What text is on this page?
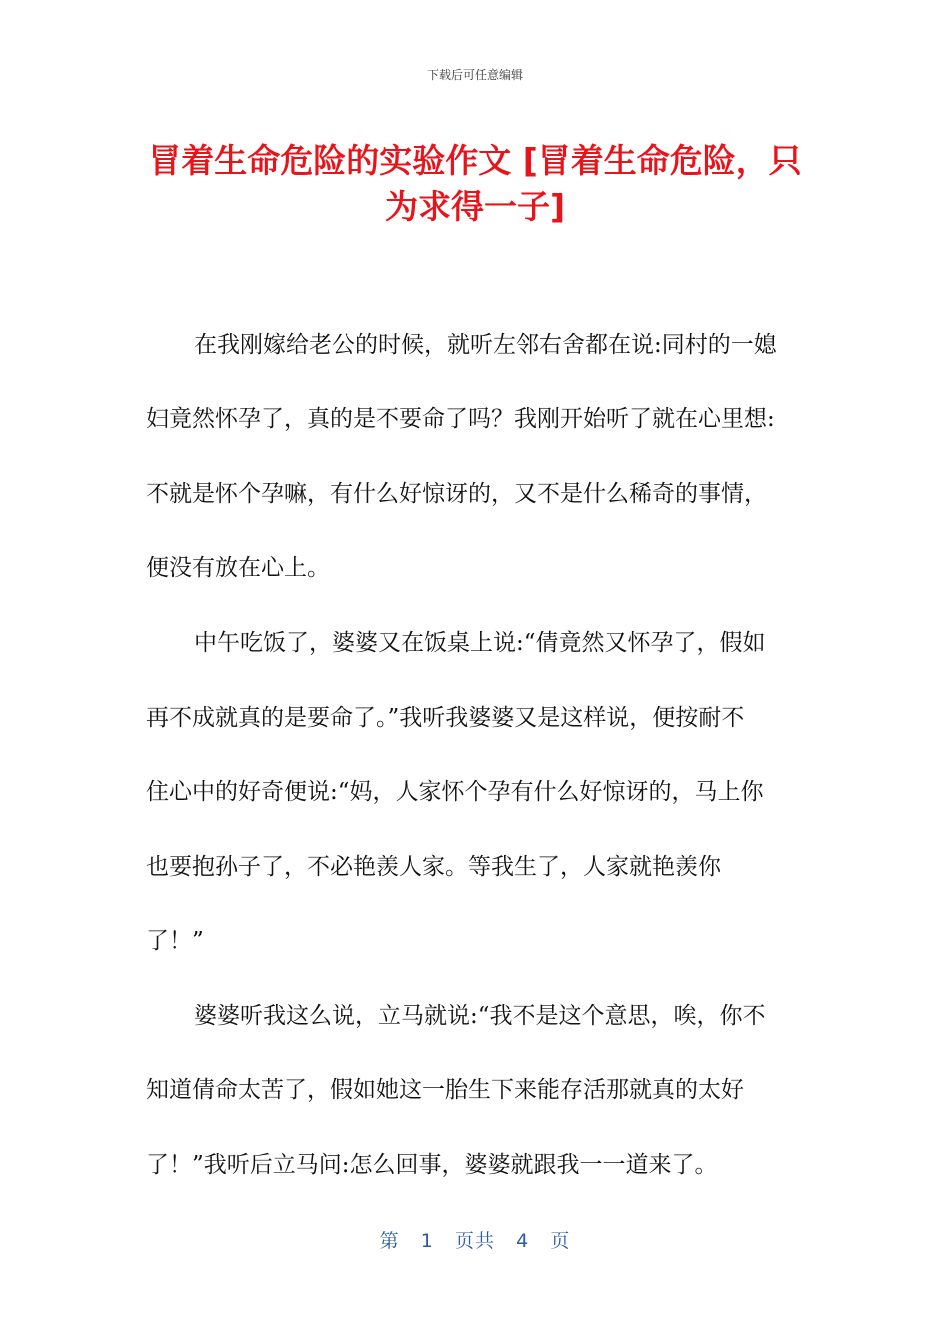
下载后可任意编辑
冒着生命危险的实验作文 [冒着生命危险，只
为求得一子]
在我刚嫁给老公的时候，就听左邻右舍都在说:同村的一媳
妇竟然怀孕了，真的是不要命了吗？我刚开始听了就在心里想:
不就是怀个孕嘛，有什么好惊讶的，又不是什么稀奇的事情，
便没有放在心上。
中午吃饭了，婆婆又在饭桌上说:“倩竟然又怀孕了，假如
再不成就真的是要命了。”我听我婆婆又是这样说，便按耐不
住心中的好奇便说:“妈，人家怀个孕有什么好惊讶的，马上你
也要抱孙子了，不必艳羡人家。等我生了，人家就艳羡你
了！”
婆婆听我这么说，立马就说:“我不是这个意思，唉，你不
知道倩命太苦了，假如她这一胎生下来能存活那就真的太好
了！”我听后立马问:怎么回事，婆婆就跟我一一道来了。
第 1 页共 4 页
